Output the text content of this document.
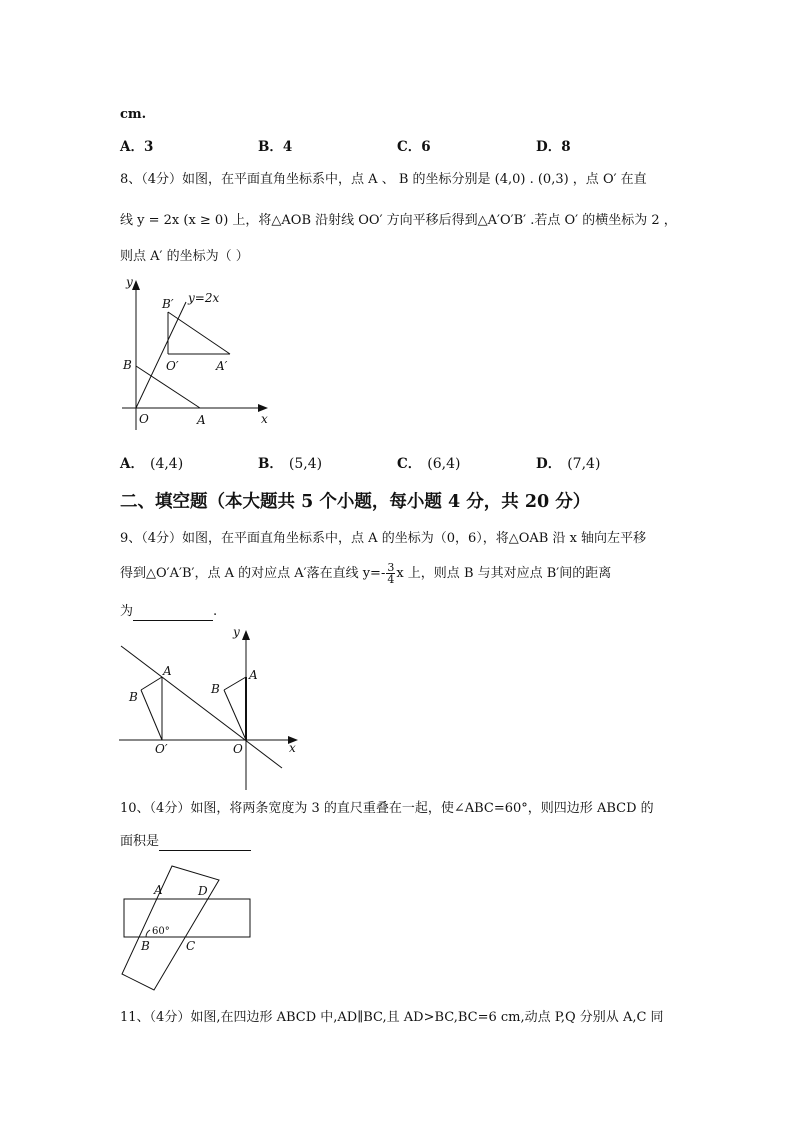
cm.
A．3	B．4	C．6	D．8
8、（4分）如图，在平面直角坐标系中，点 A 、 B 的坐标分别是 (4,0) . (0,3) ，点 O′ 在直
线 y = 2x (x ≥ 0) 上，将△AOB 沿射线 OO′ 方向平移后得到△A′O′B′ .若点 O′ 的横坐标为 2 ，
则点 A′ 的坐标为（ ）
y
x
O
y=2x
B
A
B′
O′	A′
A． (4,4)	B． (5,4)	C． (6,4)	D． (7,4)
二、填空题（本大题共 5 个小题，每小题 4 分，共 20 分）
9、（4分）如图，在平面直角坐标系中，点 A 的坐标为（0，6），将△OAB 沿 x 轴向左平移
得到△O′A′B′，点 A 的对应点 A′落在直线 $y=- \frac{3}{4}$ x 上，则点 B 与其对应点 B′间的距离
为	.
y
x
O
O′
A
B
A
B
10、（4分）如图，将两条宽度为 3 的直尺重叠在一起，使∠ABC=60°，则四边形 ABCD 的
面积是
A	D
B	C
60°
11、（4分）如图,在四边形 ABCD 中,AD∥BC,且 AD>BC,BC=6 cm,动点 P,Q 分别从 A,C 同
